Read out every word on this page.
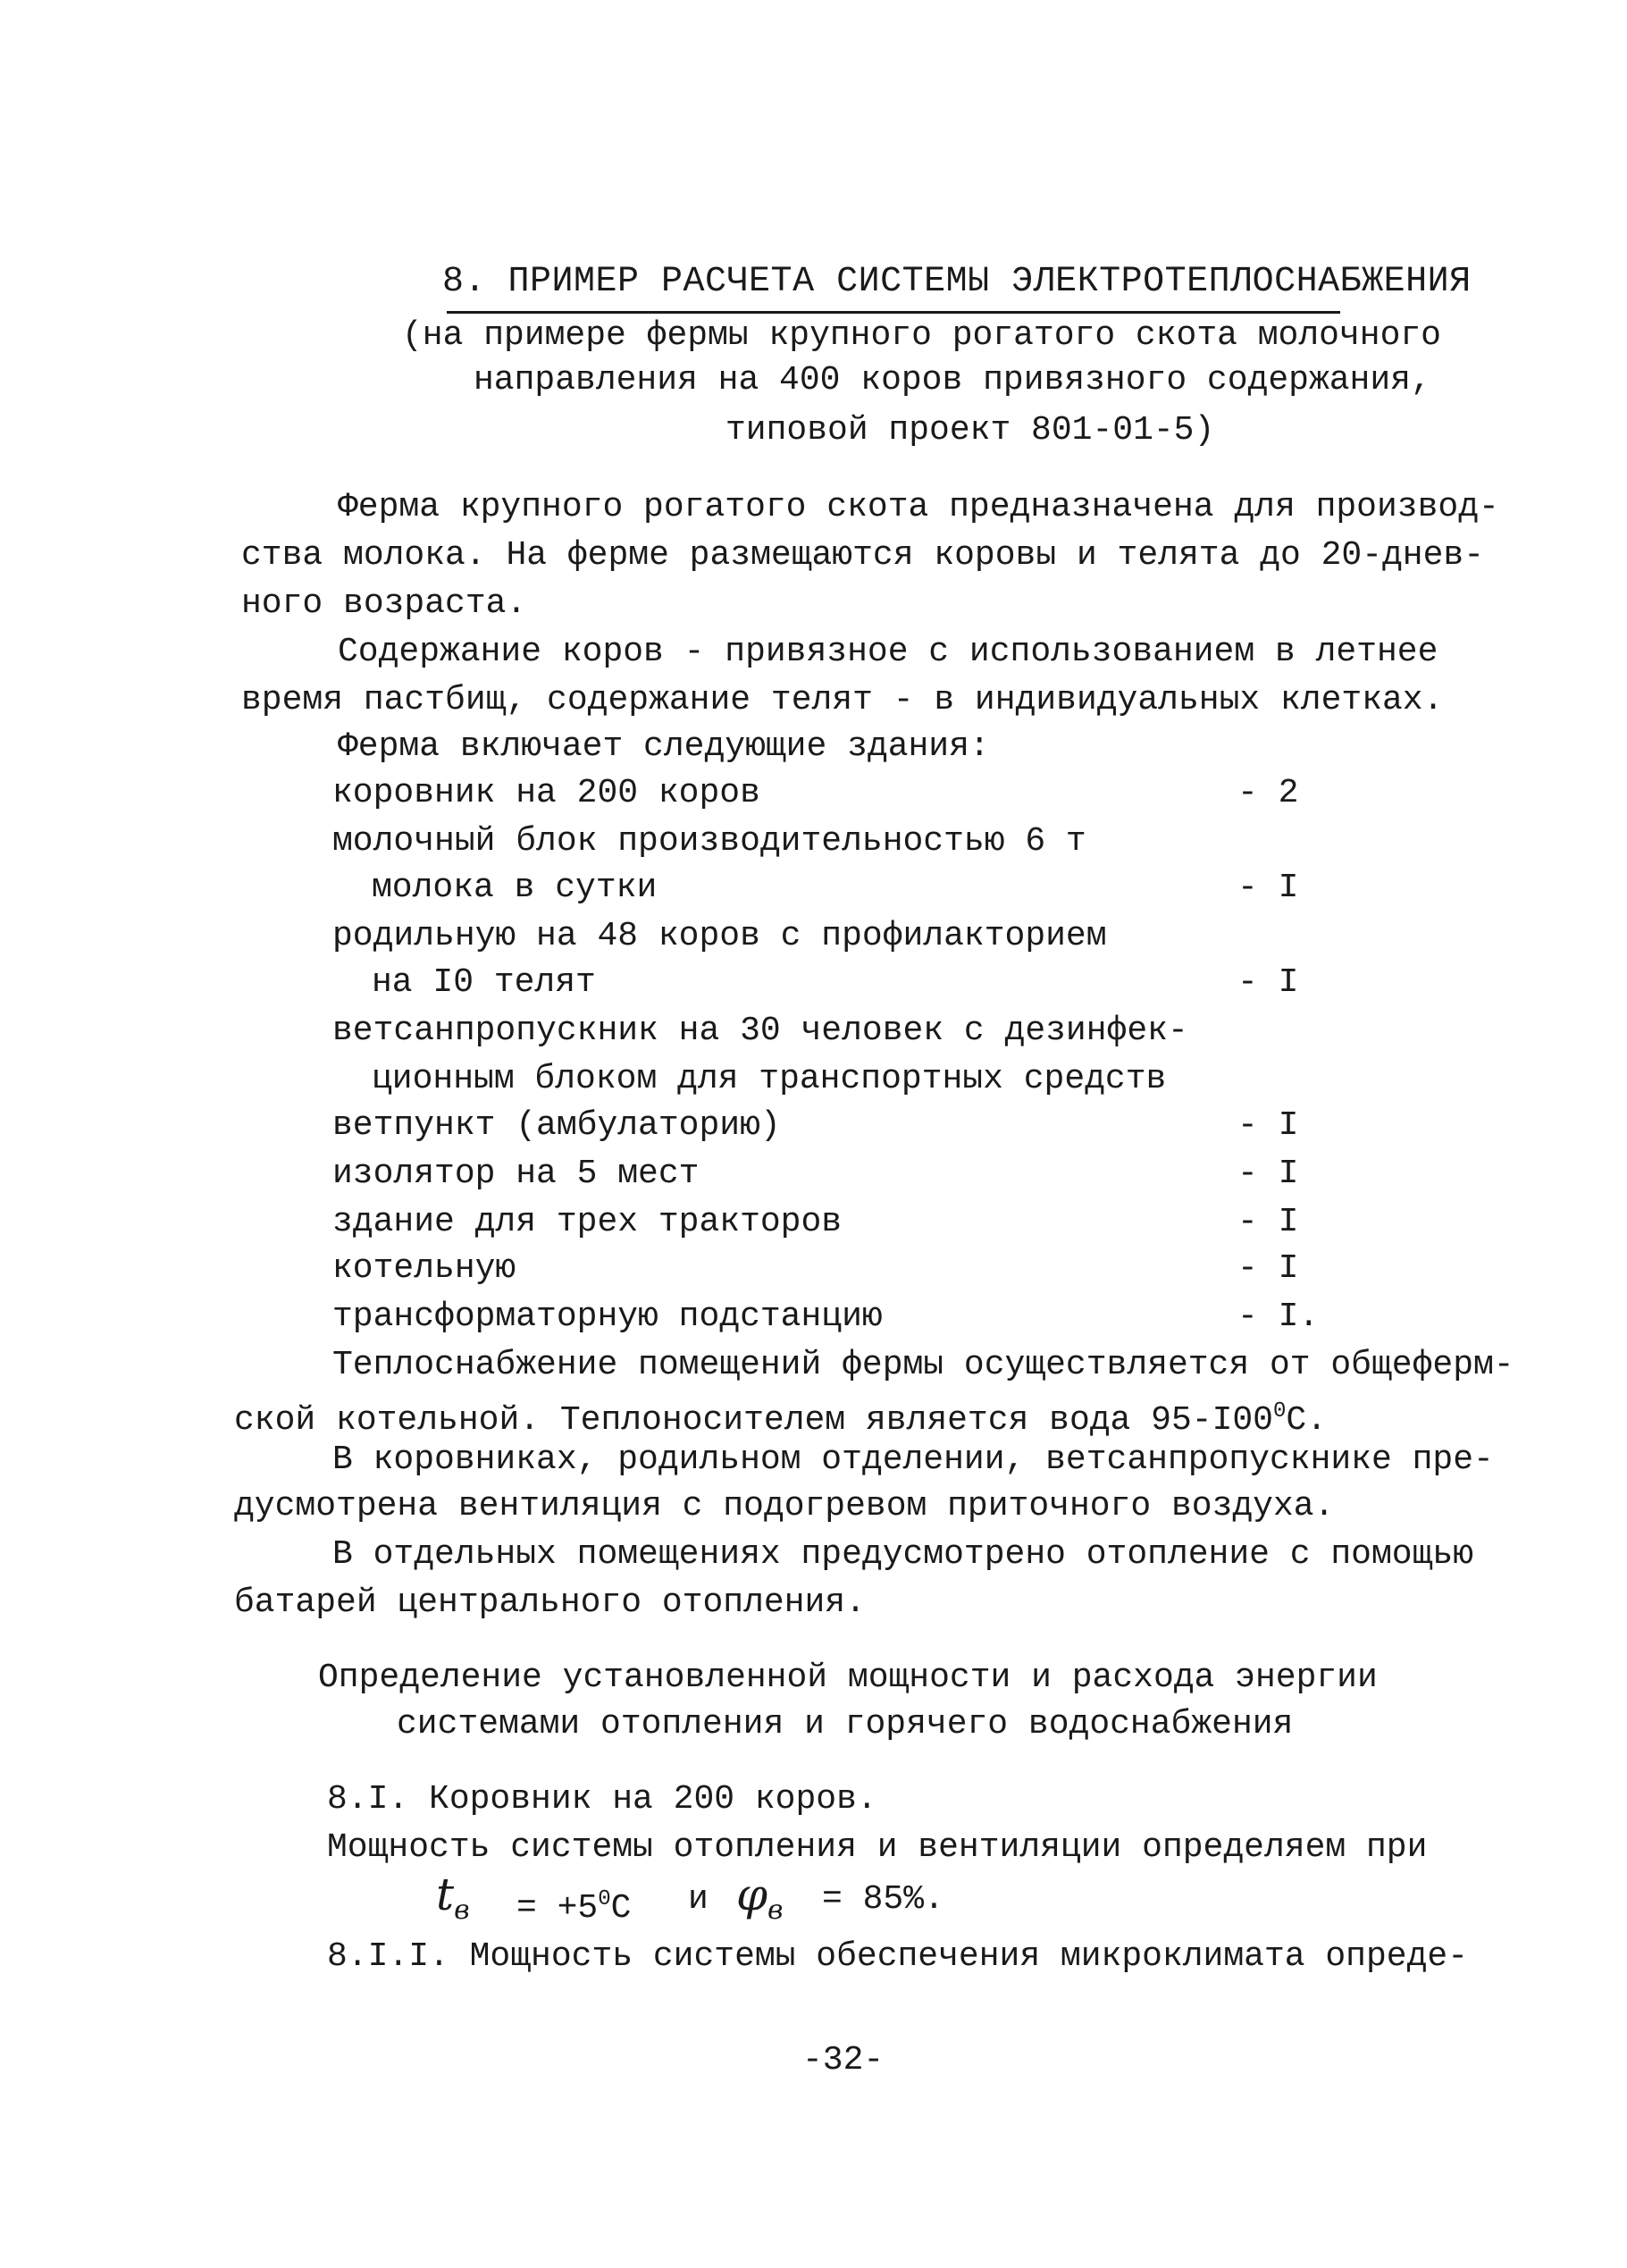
8. ПРИМЕР РАСЧЕТА СИСТЕМЫ ЭЛЕКТРОТЕПЛОСНАБЖЕНИЯ
(на примере фермы крупного рогатого скота молочного
направления на 400 коров привязного содержания,
типовой проект 801-01-5)
Ферма крупного рогатого скота предназначена для производ-
ства молока. На ферме размещаются коровы и телята до 20-днев-
ного возраста.
Содержание коров - привязное с использованием в летнее
время пастбищ, содержание телят - в индивидуальных клетках.
Ферма включает следующие здания:
коровник на 200 коров	- 2
молочный блок производительностью 6 т
молока в сутки	- I
родильную на 48 коров с профилакторием
на I0 телят	- I
ветсанпропускник на 30 человек с дезинфек-
ционным блоком для транспортных средств
ветпункт (амбулаторию)	- I
изолятор на 5 мест	- I
здание для трех тракторов	- I
котельную	- I
трансформаторную подстанцию	- I.
Теплоснабжение помещений фермы осуществляется от общеферм-
ской котельной. Теплоносителем является вода $95-I00^0С$.
В коровниках, родильном отделении, ветсанпропускнике пре-
дусмотрена вентиляция с подогревом приточного воздуха.
В отдельных помещениях предусмотрено отопление с помощью
батарей центрального отопления.
Определение установленной мощности и расхода энергии
системами отопления и горячего водоснабжения
8.I. Коровник на 200 коров.
Мощность системы отопления и вентиляции определяем при
$t_в = +5^0С$ и $\varphi_в = 85\%$.
8.I.I. Мощность системы обеспечения микроклимата опреде-
-32-
